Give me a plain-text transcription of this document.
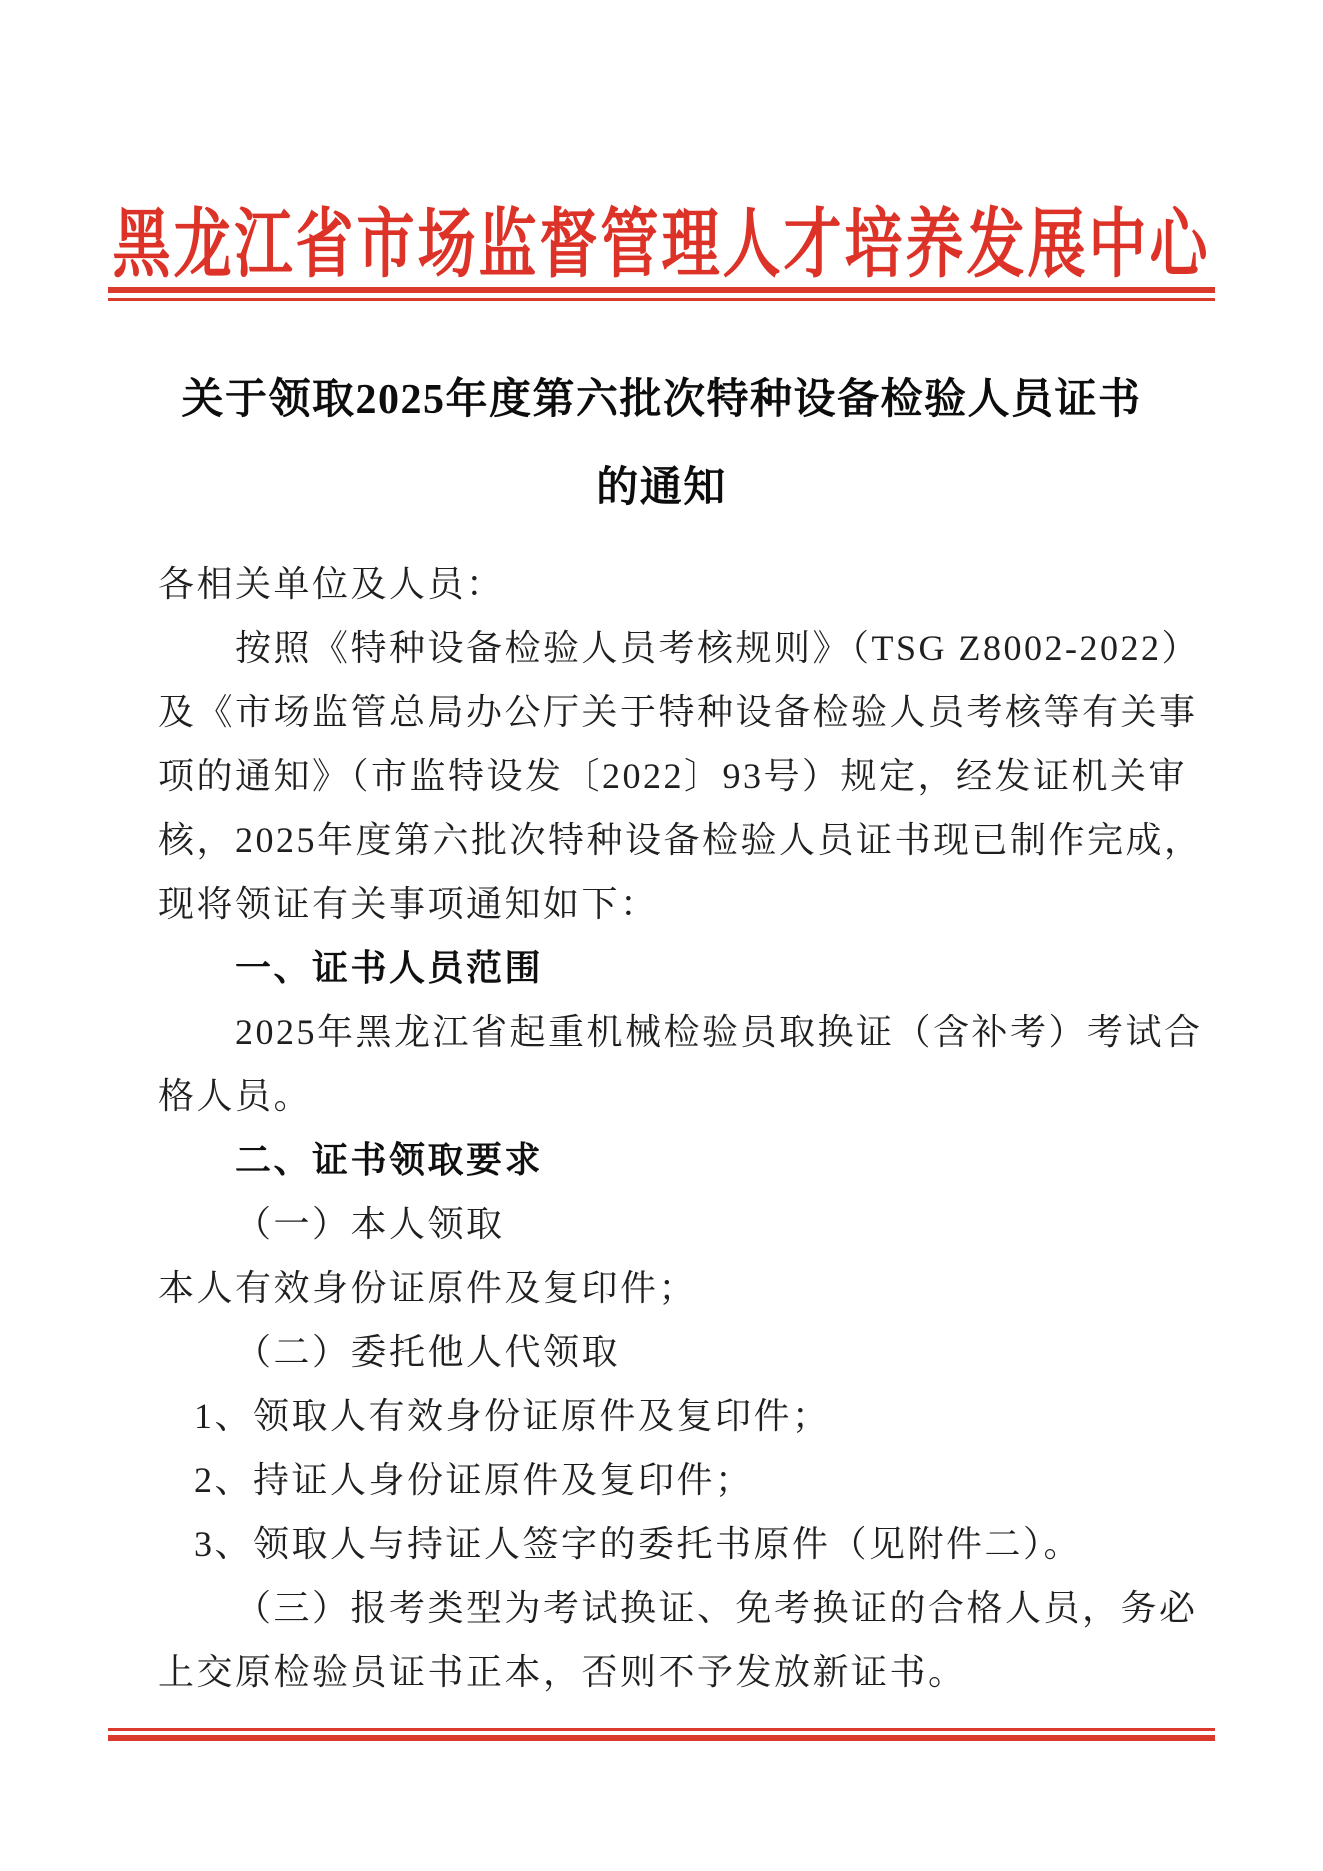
黑龙江省市场监督管理人才培养发展中心
关于领取2025年度第六批次特种设备检验人员证书
的通知
各相关单位及人员：
按照《特种设备检验人员考核规则》（TSG Z8002-2022）
及《市场监管总局办公厅关于特种设备检验人员考核等有关事
项的通知》（市监特设发〔2022〕93号）规定，经发证机关审
核，2025年度第六批次特种设备检验人员证书现已制作完成，
现将领证有关事项通知如下：
一、证书人员范围
2025年黑龙江省起重机械检验员取换证（含补考）考试合
格人员。
二、证书领取要求
（一）本人领取
本人有效身份证原件及复印件；
（二）委托他人代领取
1、领取人有效身份证原件及复印件；
2、持证人身份证原件及复印件；
3、领取人与持证人签字的委托书原件（见附件二）。
（三）报考类型为考试换证、免考换证的合格人员，务必
上交原检验员证书正本，否则不予发放新证书。
